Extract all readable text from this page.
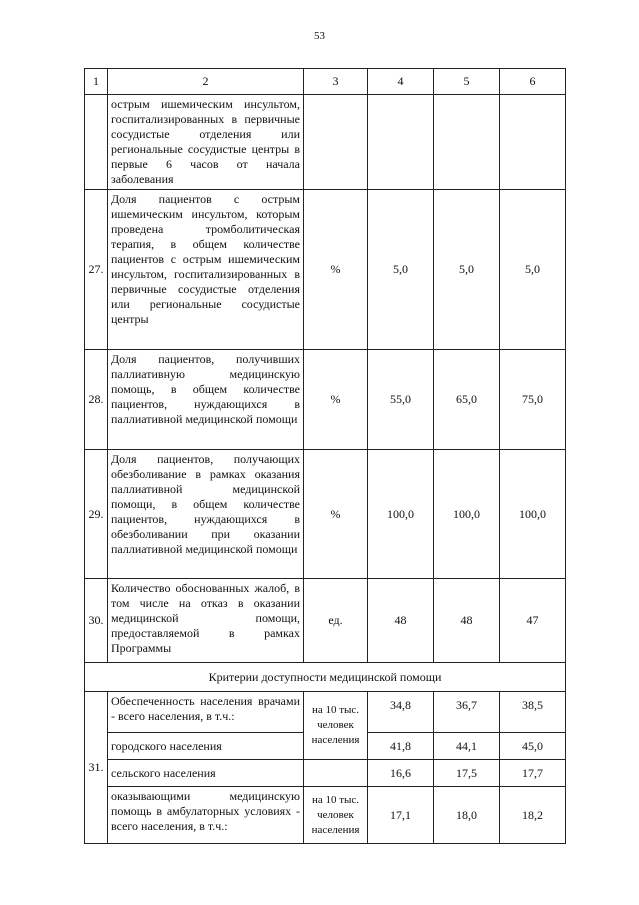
53
1	2	3	4	5	6
	острым ишемическим инсультом, госпитализированных в первичные сосудистые отделения или региональные сосудистые центры в первые 6 часов от начала заболевания				
27.	Доля пациентов с острым ишемическим инсультом, которым проведена тромболитическая терапия, в общем количестве пациентов с острым ишемическим инсультом, госпитализированных в первичные сосудистые отделения или региональные сосудистые центры	%	5,0	5,0	5,0
28.	Доля пациентов, получивших паллиативную медицинскую помощь, в общем количестве пациентов, нуждающихся в паллиативной медицинской помощи	%	55,0	65,0	75,0
29.	Доля пациентов, получающих обезболивание в рамках оказания паллиативной медицинской помощи, в общем количестве пациентов, нуждающихся в обезболивании при оказании паллиативной медицинской помощи	%	100,0	100,0	100,0
30.	Количество обоснованных жалоб, в том числе на отказ в оказании медицинской помощи, предоставляемой в рамках Программы	ед.	48	48	47
Критерии доступности медицинской помощи					
31.	Обеспеченность населения врачами - всего населения, в т.ч.:	на 10 тыс. человек населения	34,8	36,7	38,5
	городского населения		41,8	44,1	45,0
	сельского населения		16,6	17,5	17,7
	оказывающими медицинскую помощь в амбулаторных условиях - всего населения, в т.ч.:	на 10 тыс. человек населения	17,1	18,0	18,2
